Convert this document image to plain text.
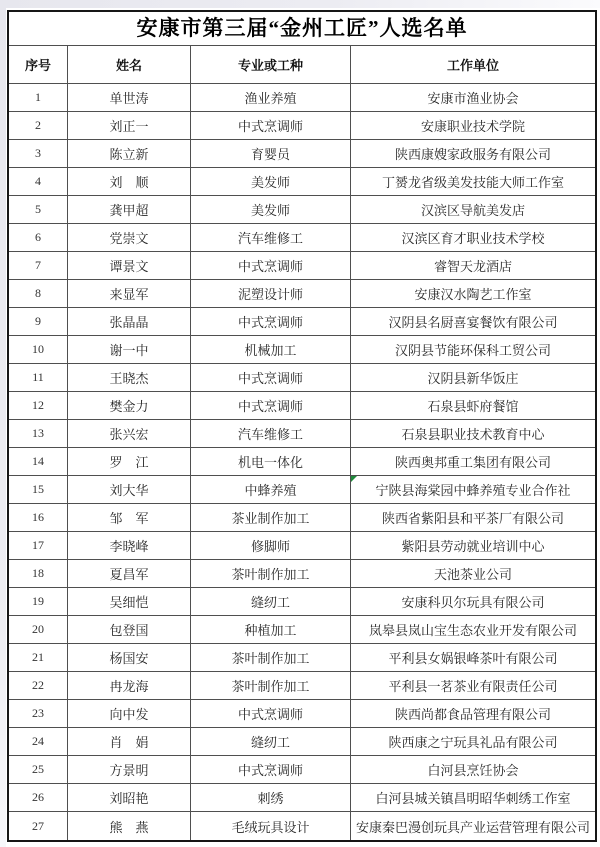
安康市第三届“金州工匠”人选名单
序号	姓名	专业或工种	工作单位
1	单世涛	渔业养殖	安康市渔业协会
2	刘正一	中式烹调师	安康职业技术学院
3	陈立新	育婴员	陕西康嫂家政服务有限公司
4	刘　顺	美发师	丁赟龙省级美发技能大师工作室
5	龚甲超	美发师	汉滨区导航美发店
6	党崇文	汽车维修工	汉滨区育才职业技术学校
7	谭景文	中式烹调师	睿智天龙酒店
8	来显军	泥塑设计师	安康汉水陶艺工作室
9	张晶晶	中式烹调师	汉阴县名厨喜宴餐饮有限公司
10	谢一中	机械加工	汉阴县节能环保科工贸公司
11	王晓杰	中式烹调师	汉阴县新华饭庄
12	樊金力	中式烹调师	石泉县虾府餐馆
13	张兴宏	汽车维修工	石泉县职业技术教育中心
14	罗　江	机电一体化	陕西奥邦重工集团有限公司
15	刘大华	中蜂养殖	宁陕县海棠园中蜂养殖专业合作社
16	邹　军	茶业制作加工	陕西省紫阳县和平茶厂有限公司
17	李晓峰	修脚师	紫阳县劳动就业培训中心
18	夏昌军	茶叶制作加工	天池茶业公司
19	吴细恺	缝纫工	安康科贝尔玩具有限公司
20	包登国	种植加工	岚皋县岚山宝生态农业开发有限公司
21	杨国安	茶叶制作加工	平利县女娲银峰茶叶有限公司
22	冉龙海	茶叶制作加工	平利县一茗茶业有限责任公司
23	向中发	中式烹调师	陕西尚都食品管理有限公司
24	肖　娟	缝纫工	陕西康之宁玩具礼品有限公司
25	方景明	中式烹调师	白河县烹饪协会
26	刘昭艳	刺绣	白河县城关镇昌明昭华刺绣工作室
27	熊　燕	毛绒玩具设计	安康秦巴漫创玩具产业运营管理有限公司
